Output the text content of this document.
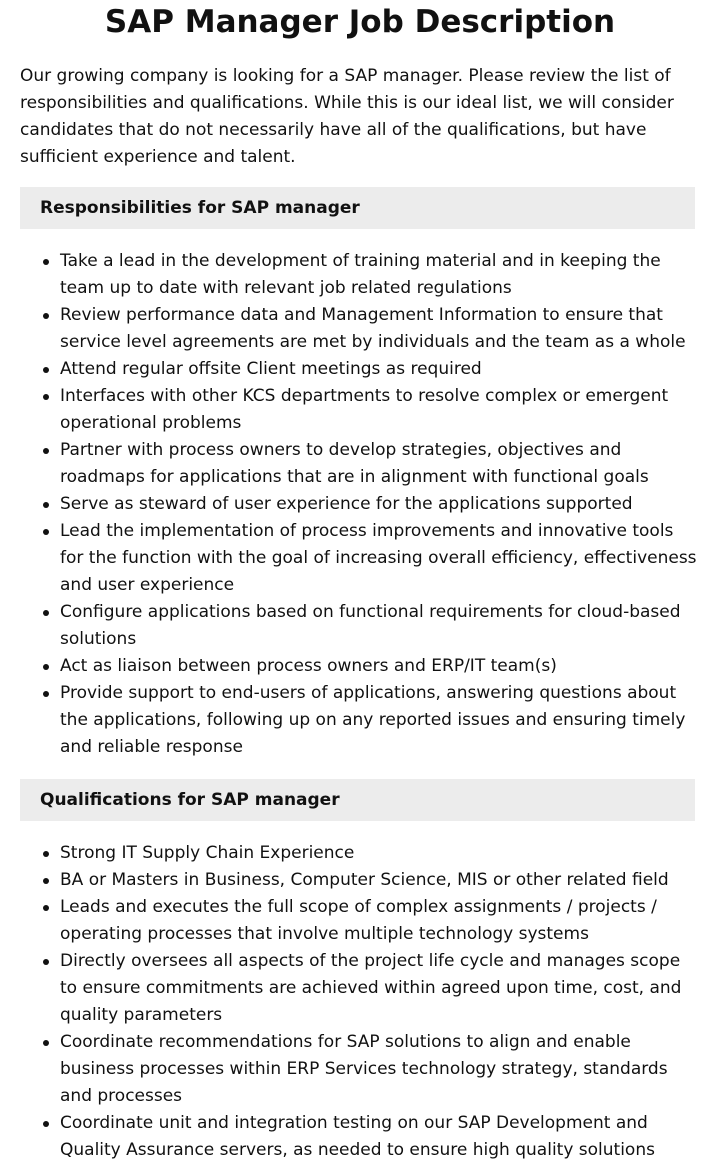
SAP Manager Job Description

Our growing company is looking for a SAP manager. Please review the list of responsibilities and qualifications. While this is our ideal list, we will consider candidates that do not necessarily have all of the qualifications, but have sufficient experience and talent.

Responsibilities for SAP manager
Take a lead in the development of training material and in keeping the team up to date with relevant job related regulations
Review performance data and Management Information to ensure that service level agreements are met by individuals and the team as a whole
Attend regular offsite Client meetings as required
Interfaces with other KCS departments to resolve complex or emergent operational problems
Partner with process owners to develop strategies, objectives and roadmaps for applications that are in alignment with functional goals
Serve as steward of user experience for the applications supported
Lead the implementation of process improvements and innovative tools for the function with the goal of increasing overall efficiency, effectiveness and user experience
Configure applications based on functional requirements for cloud-based solutions
Act as liaison between process owners and ERP/IT team(s)
Provide support to end-users of applications, answering questions about the applications, following up on any reported issues and ensuring timely and reliable response
Qualifications for SAP manager
Strong IT Supply Chain Experience
BA or Masters in Business, Computer Science, MIS or other related field
Leads and executes the full scope of complex assignments / projects / operating processes that involve multiple technology systems
Directly oversees all aspects of the project life cycle and manages scope to ensure commitments are achieved within agreed upon time, cost, and quality parameters
Coordinate recommendations for SAP solutions to align and enable business processes within ERP Services technology strategy, standards and processes
Coordinate unit and integration testing on our SAP Development and Quality Assurance servers, as needed to ensure high quality solutions
